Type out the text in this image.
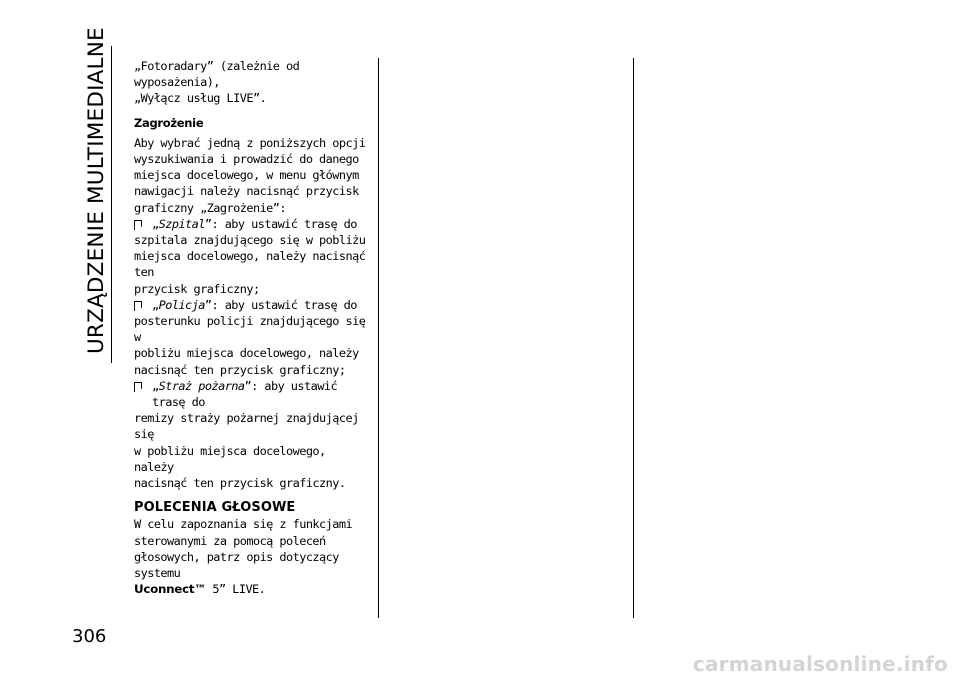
URZĄDZENIE MULTIMEDIALNE
306

„Fotoradary” (zależnie od wyposażenia),

„Wyłącz usług LIVE”.

Zagrożenie

Aby wybrać jedną z poniższych opcji

wyszukiwania i prowadzić do danego

miejsca docelowego, w menu głównym

nawigacji należy nacisnąć przycisk

graficzny „Zagrożenie”:

„Szpital”: aby ustawić trasę do

szpitala znajdującego się w pobliżu

miejsca docelowego, należy nacisnąć ten

przycisk graficzny;

„Policja”: aby ustawić trasę do

posterunku policji znajdującego się w

pobliżu miejsca docelowego, należy

nacisnąć ten przycisk graficzny;

„Straż pożarna”: aby ustawić trasę do

remizy straży pożarnej znajdującej się

w pobliżu miejsca docelowego, należy

nacisnąć ten przycisk graficzny.

POLECENIA GŁOSOWE

W celu zapoznania się z funkcjami

sterowanymi za pomocą poleceń

głosowych, patrz opis dotyczący systemu

Uconnect™ 5” LIVE.

carmanualsonline.info
